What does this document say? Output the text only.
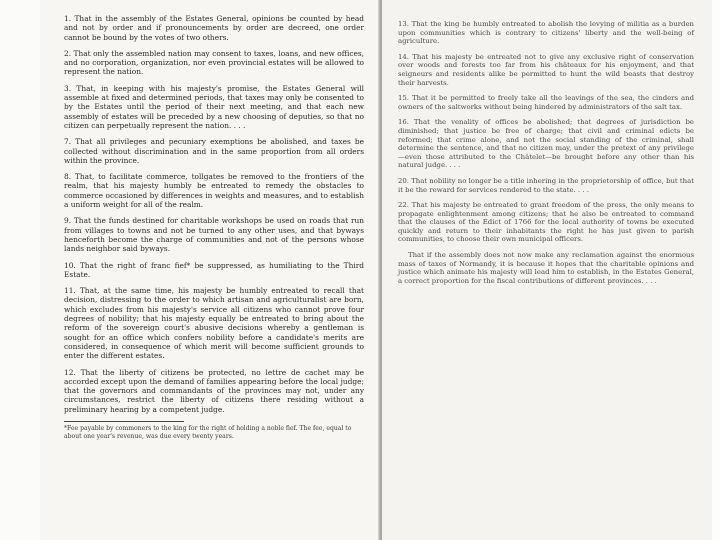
1. That in the assembly of the Estates General, opinions be counted by head and not by order and if pronouncements by order are decreed, one order cannot be bound by the votes of two others.

2. That only the assembled nation may consent to taxes, loans, and new offices, and no corporation, organization, nor even provincial estates will be allowed to represent the nation.

3. That, in keeping with his majesty's promise, the Estates General will assemble at fixed and determined periods, that taxes may only be consented to by the Estates until the period of their next meeting, and that each new assembly of estates will be preceded by a new choosing of deputies, so that no citizen can perpetually represent the nation. . . .

7. That all privileges and pecuniary exemptions be abolished, and taxes be collected without discrimination and in the same proportion from all orders within the province.

8. That, to facilitate commerce, tollgates be removed to the frontiers of the realm, that his majesty humbly be entreated to remedy the obstacles to commerce occasioned by differences in weights and measures, and to establish a uniform weight for all of the realm.

9. That the funds destined for charitable workshops be used on roads that run from villages to towns and not be turned to any other uses, and that byways henceforth become the charge of communities and not of the persons whose lands neighbor said byways.

10. That the right of franc fief* be suppressed, as humiliating to the Third Estate.

11. That, at the same time, his majesty be humbly entreated to recall that decision, distressing to the order to which artisan and agriculturalist are born, which excludes from his majesty's service all citizens who cannot prove four degrees of nobility; that his majesty equally be entreated to bring about the reform of the sovereign court's abusive decisions whereby a gentleman is sought for an office which confers nobility before a candidate's merits are considered, in consequence of which merit will become sufficient grounds to enter the different estates.

12. That the liberty of citizens be protected, no lettre de cachet may be accorded except upon the demand of families appearing before the local judge; that the governors and commandants of the provinces may not, under any circumstances, restrict the liberty of citizens there residing without a preliminary hearing by a competent judge.

*Fee payable by commoners to the king for the right of holding a noble fief. The fee, equal to about one year's revenue, was due every twenty years.

13. That the king be humbly entreated to abolish the levying of militia as a burden upon communities which is contrary to citizens' liberty and the well-being of agriculture.

14. That his majesty be entreated not to give any exclusive right of conservation over woods and forests too far from his châteaux for his enjoyment, and that seigneurs and residents alike be permitted to hunt the wild beasts that destroy their harvests.

15. That it be permitted to freely take all the leavings of the sea, the cinders and owners of the saltworks without being hindered by administrators of the salt tax.

16. That the venality of offices be abolished; that degrees of jurisdiction be diminished; that justice be free of charge; that civil and criminal edicts be reformed; that crime alone, and not the social standing of the criminal, shall determine the sentence, and that no citizen may, under the pretext of any privilege—even those attributed to the Châtelet—be brought before any other than his natural judge. . . .

20. That nobility no longer be a title inhering in the proprietorship of office, but that it be the reward for services rendered to the state. . . .

22. That his majesty be entreated to grant freedom of the press, the only means to propagate enlightenment among citizens; that he also be entreated to command that the clauses of the Edict of 1766 for the local authority of towns be executed quickly and return to their inhabitants the right he has just given to parish communities, to choose their own municipal officers.

That if the assembly does not now make any reclamation against the enormous mass of taxes of Normandy, it is because it hopes that the charitable opinions and justice which animate his majesty will lead him to establish, in the Estates General, a correct proportion for the fiscal contributions of different provinces. . . .
